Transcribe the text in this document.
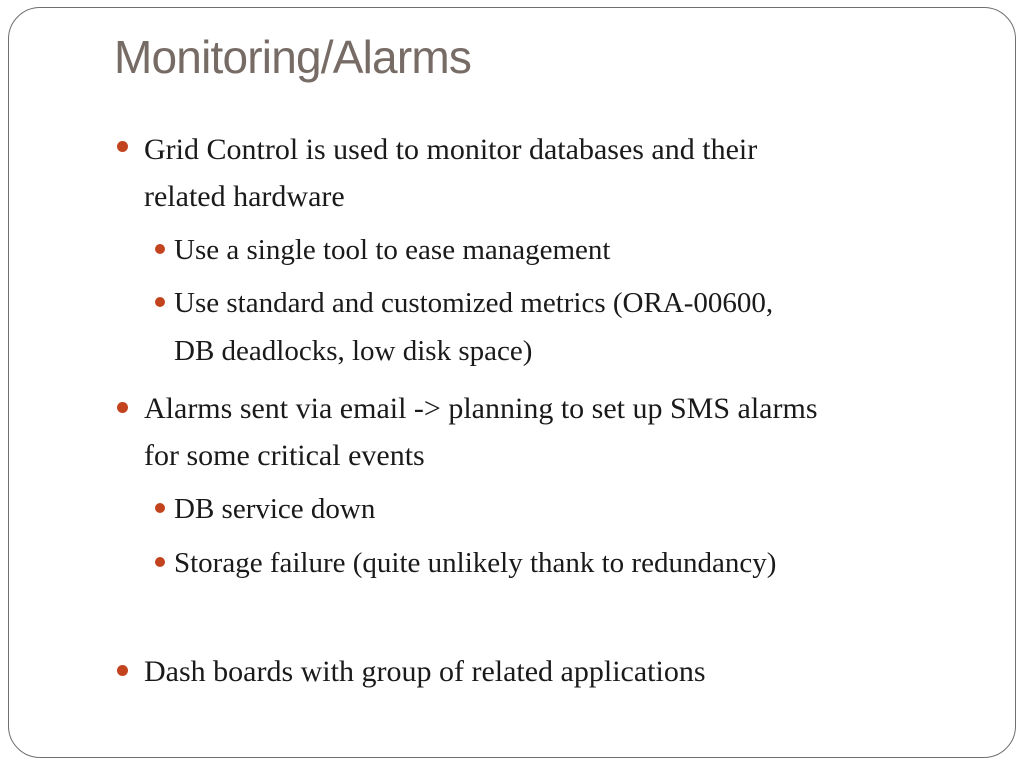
Monitoring/Alarms
Grid Control is used to monitor databases and their
related hardware
Use a single tool to ease management
Use standard and customized metrics (ORA-00600,
DB deadlocks, low disk space)
Alarms sent via email -> planning to set up SMS alarms
for some critical events
DB service down
Storage failure (quite unlikely thank to redundancy)
Dash boards with group of related applications
